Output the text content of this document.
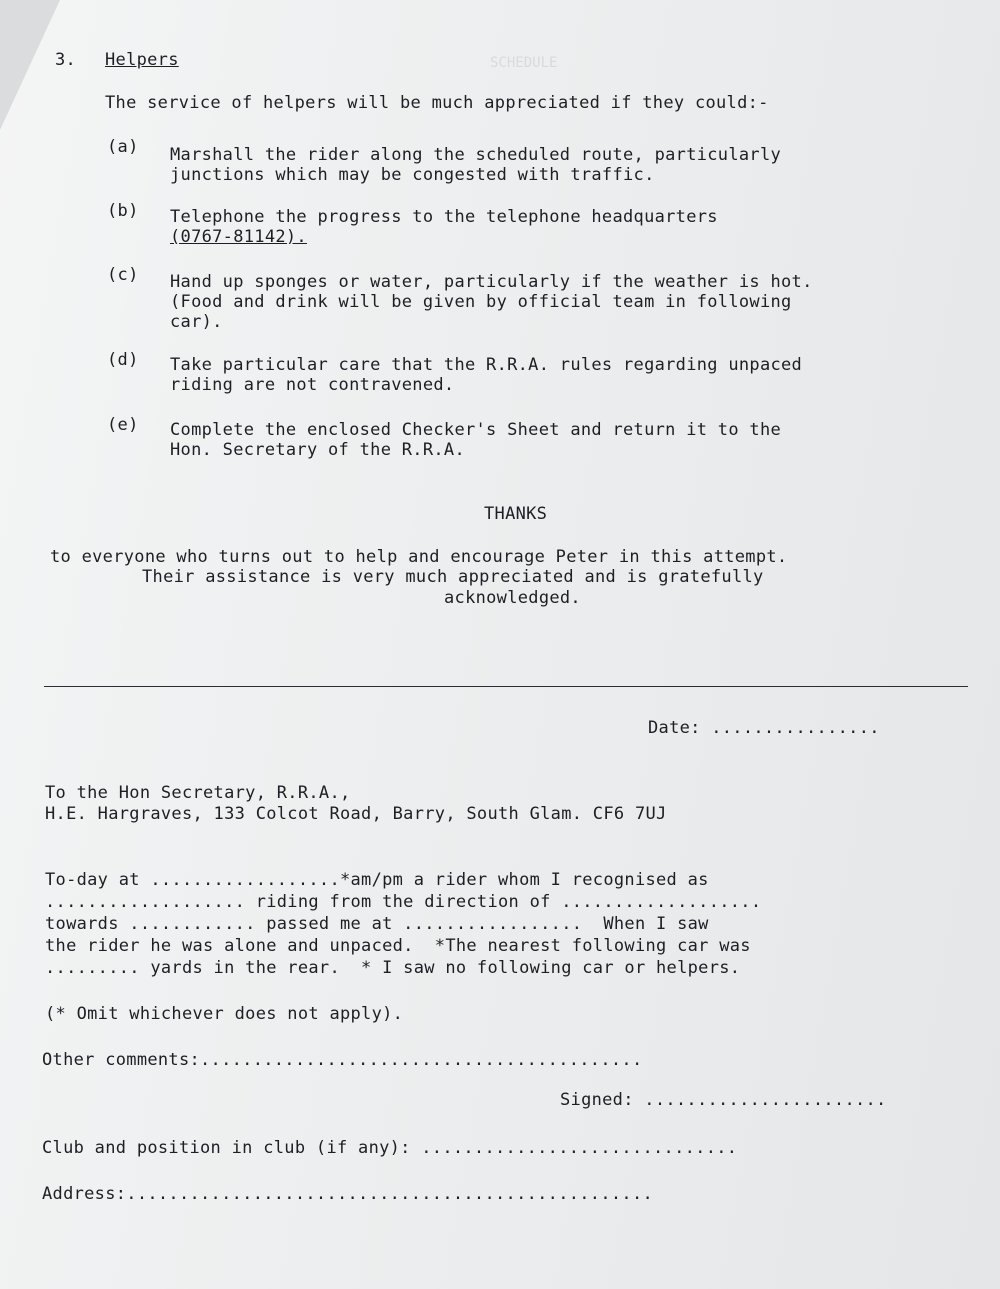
SCHEDULE
3. Helpers
The service of helpers will be much appreciated if they could:-
(a) Marshall the rider along the scheduled route, particularly
junctions which may be congested with traffic.
(b) Telephone the progress to the telephone headquarters
(0767-81142).
(c) Hand up sponges or water, particularly if the weather is hot.
(Food and drink will be given by official team in following
car).
(d) Take particular care that the R.R.A. rules regarding unpaced
riding are not contravened.
(e) Complete the enclosed Checker's Sheet and return it to the
Hon. Secretary of the R.R.A.
THANKS
to everyone who turns out to help and encourage Peter in this attempt.
Their assistance is very much appreciated and is gratefully
acknowledged.
Date: ................
To the Hon Secretary, R.R.A.,
H.E. Hargraves, 133 Colcot Road, Barry, South Glam. CF6 7UJ
To-day at ..................*am/pm a rider whom I recognised as
................... riding from the direction of ...................
towards ............ passed me at .................  When I saw
the rider he was alone and unpaced.  *The nearest following car was
......... yards in the rear.  * I saw no following car or helpers.
(* Omit whichever does not apply).
Other comments:..........................................
Signed: .......................
Club and position in club (if any): ..............................
Address:..................................................
